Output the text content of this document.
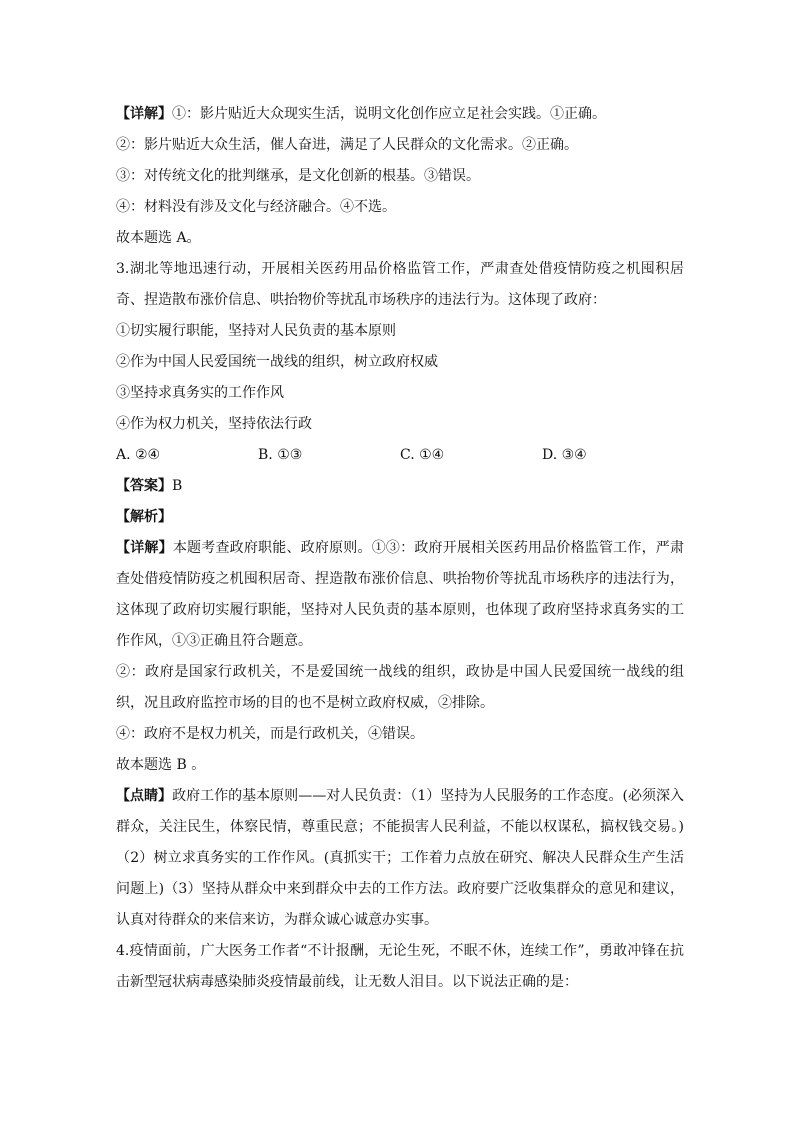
【详解】①：影片贴近大众现实生活，说明文化创作应立足社会实践。①正确。
②：影片贴近大众生活，催人奋进，满足了人民群众的文化需求。②正确。
③：对传统文化的批判继承，是文化创新的根基。③错误。
④：材料没有涉及文化与经济融合。④不选。
故本题选 A。
3.湖北等地迅速行动，开展相关医药用品价格监管工作，严肃查处借疫情防疫之机囤积居奇、捏造散布涨价信息、哄抬物价等扰乱市场秩序的违法行为。这体现了政府：
①切实履行职能，坚持对人民负责的基本原则
②作为中国人民爱国统一战线的组织，树立政府权威
③坚持求真务实的工作作风
④作为权力机关，坚持依法行政
A. ②④	B. ①③	C. ①④	D. ③④
【答案】B
【解析】
【详解】本题考查政府职能、政府原则。①③：政府开展相关医药用品价格监管工作，严肃查处借疫情防疫之机囤积居奇、捏造散布涨价信息、哄抬物价等扰乱市场秩序的违法行为，这体现了政府切实履行职能，坚持对人民负责的基本原则，也体现了政府坚持求真务实的工作作风，①③正确且符合题意。
②：政府是国家行政机关，不是爱国统一战线的组织，政协是中国人民爱国统一战线的组织，况且政府监控市场的目的也不是树立政府权威，②排除。
④：政府不是权力机关，而是行政机关，④错误。
故本题选 B 。
【点睛】政府工作的基本原则——对人民负责：（1）坚持为人民服务的工作态度。(必须深入群众，关注民生，体察民情，尊重民意；不能损害人民利益，不能以权谋私，搞权钱交易。)（2）树立求真务实的工作作风。(真抓实干；工作着力点放在研究、解决人民群众生产生活问题上)（3）坚持从群众中来到群众中去的工作方法。政府要广泛收集群众的意见和建议，认真对待群众的来信来访，为群众诚心诚意办实事。
4.疫情面前，广大医务工作者“不计报酬，无论生死，不眠不休，连续工作”，勇敢冲锋在抗击新型冠状病毒感染肺炎疫情最前线，让无数人泪目。以下说法正确的是：
